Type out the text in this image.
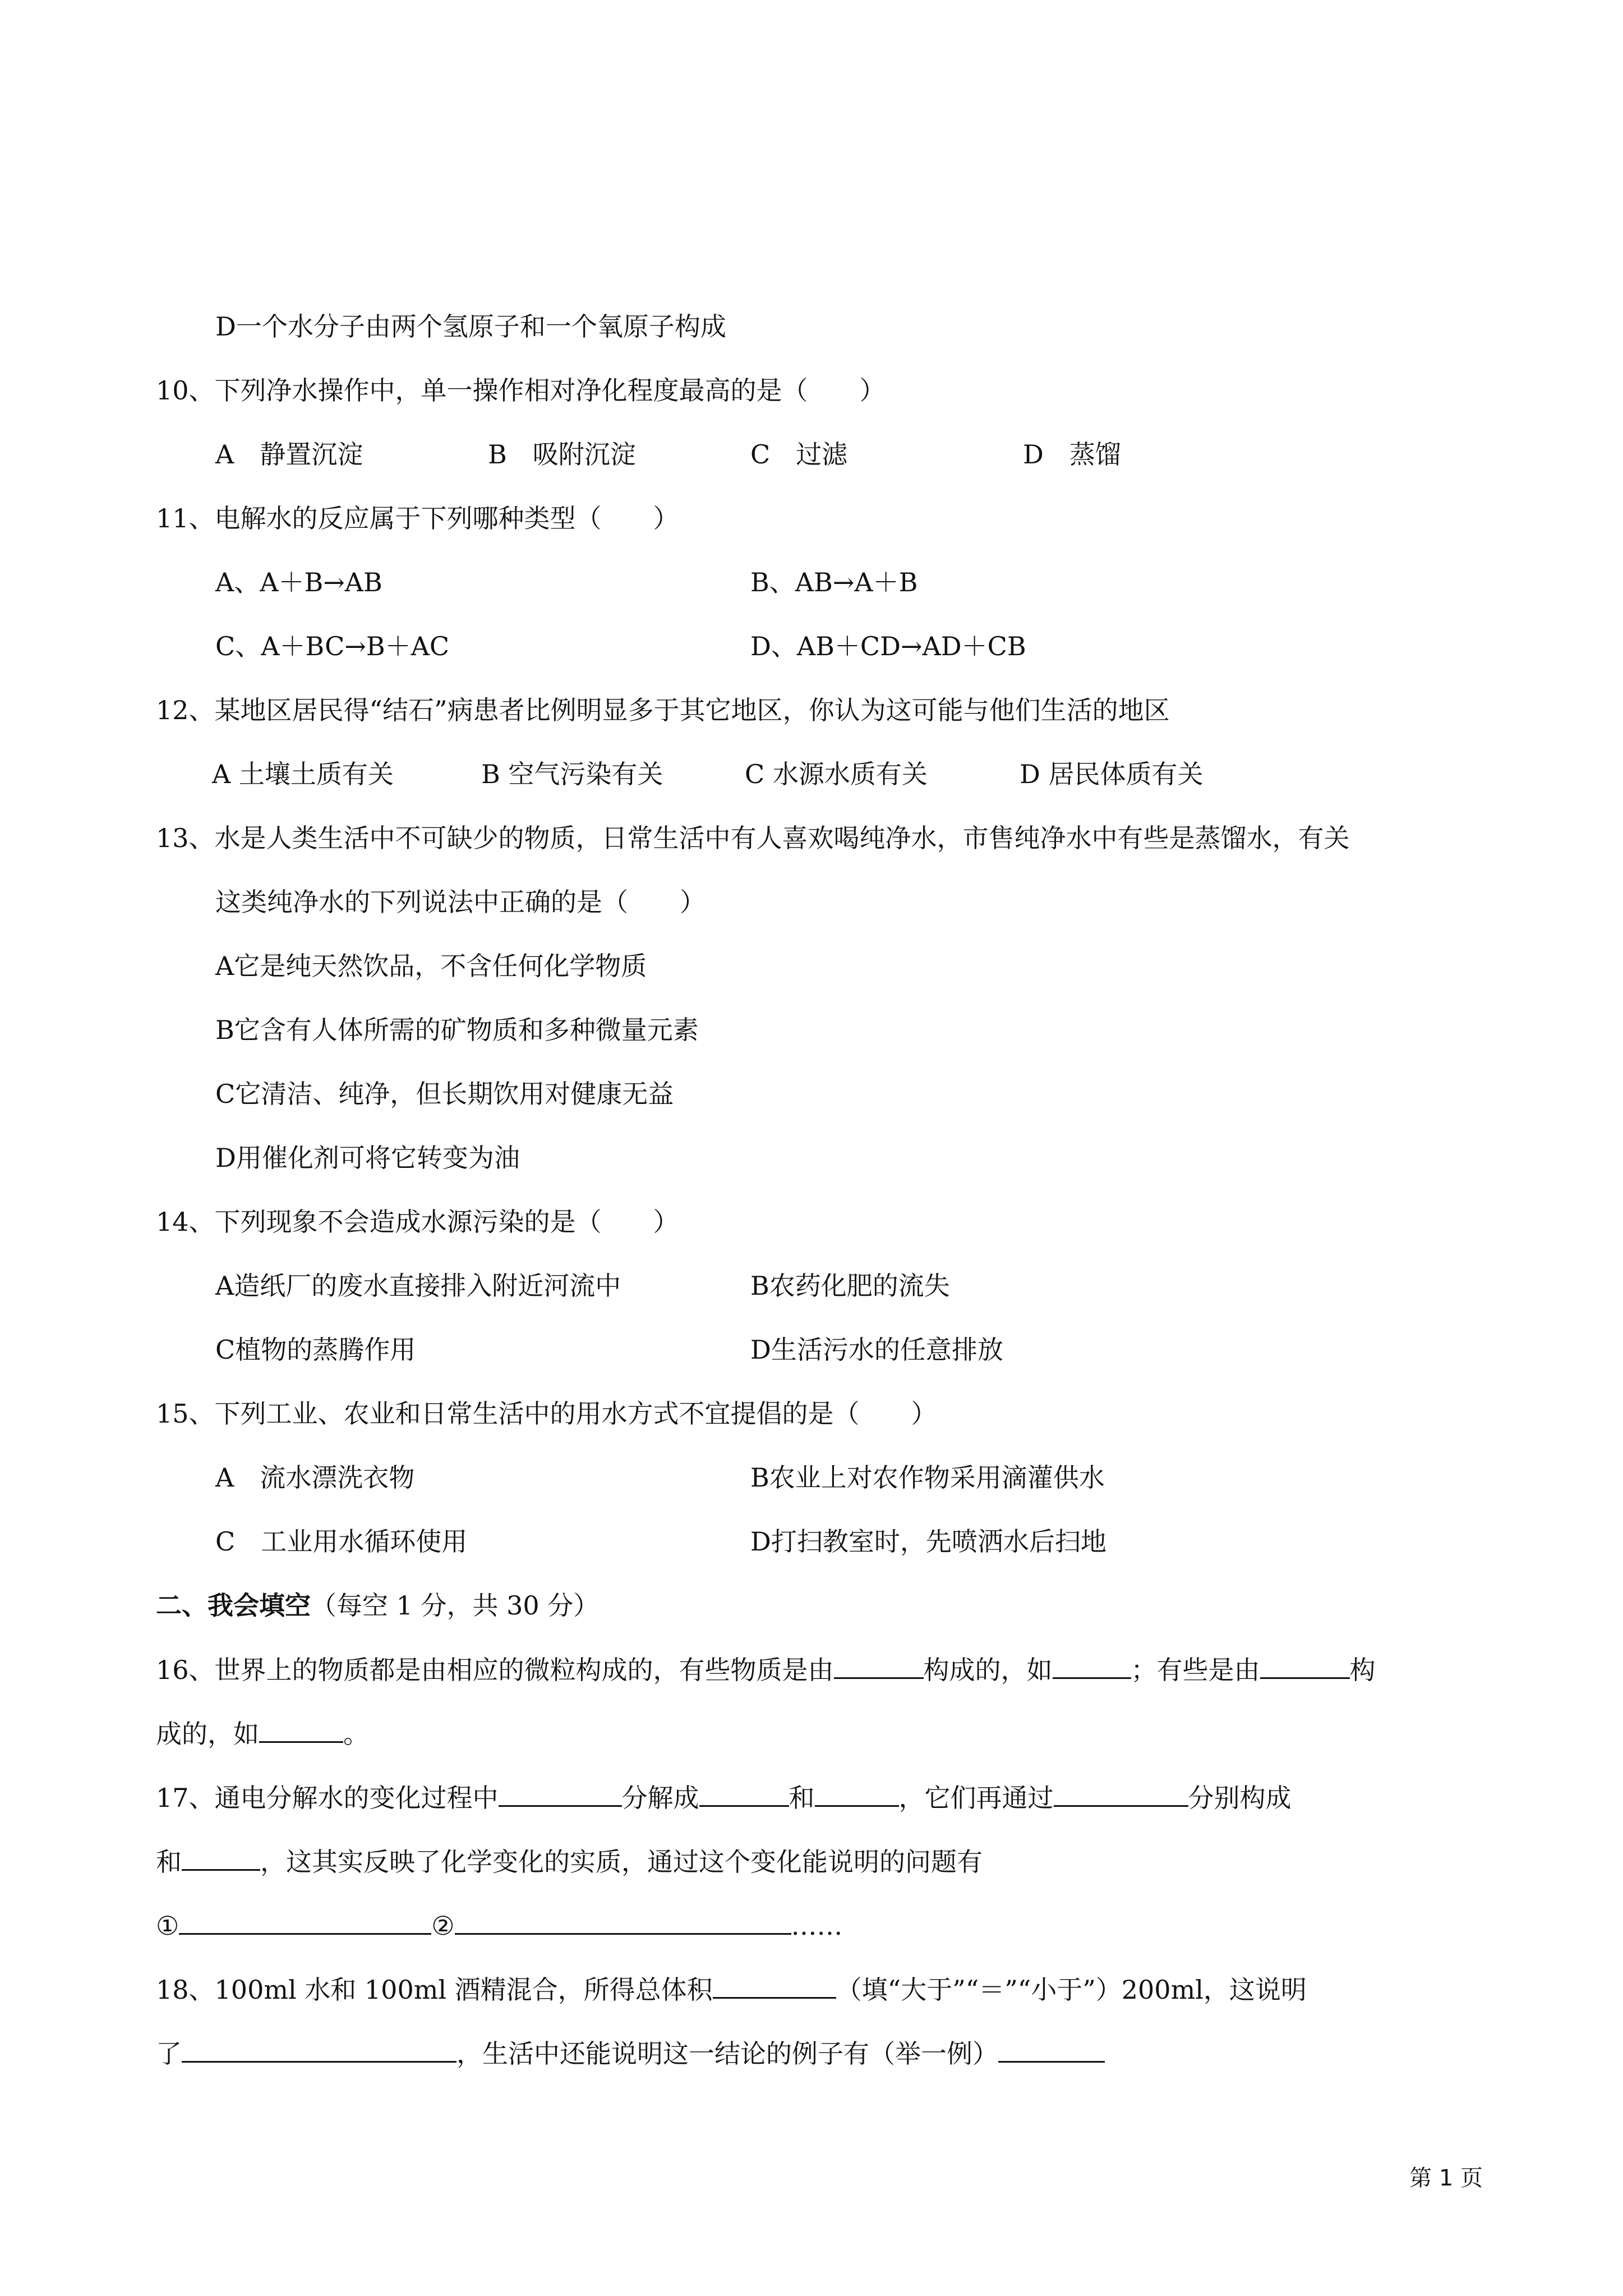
D一个水分子由两个氢原子和一个氧原子构成
10、下列净水操作中，单一操作相对净化程度最高的是（　　）
A　静置沉淀	B　吸附沉淀	C　过滤	D　蒸馏
11、电解水的反应属于下列哪种类型（　　）
A、A＋B→AB	B、AB→A＋B
C、A＋BC→B＋AC	D、AB＋CD→AD＋CB
12、某地区居民得“结石”病患者比例明显多于其它地区，你认为这可能与他们生活的地区
A 土壤土质有关	B 空气污染有关	C 水源水质有关	D 居民体质有关
13、水是人类生活中不可缺少的物质，日常生活中有人喜欢喝纯净水，市售纯净水中有些是蒸馏水，有关
这类纯净水的下列说法中正确的是（　　）
A它是纯天然饮品，不含任何化学物质
B它含有人体所需的矿物质和多种微量元素
C它清洁、纯净，但长期饮用对健康无益
D用催化剂可将它转变为油
14、下列现象不会造成水源污染的是（　　）
A造纸厂的废水直接排入附近河流中	B农药化肥的流失
C植物的蒸腾作用	D生活污水的任意排放
15、下列工业、农业和日常生活中的用水方式不宜提倡的是（　　）
A　流水漂洗衣物	B农业上对农作物采用滴灌供水
C　工业用水循环使用	D打扫教室时，先喷洒水后扫地
二、我会填空（每空 1 分，共 30 分）
16、世界上的物质都是由相应的微粒构成的，有些物质是由	构成的，如	；有些是由	构
成的，如	。
17、通电分解水的变化过程中	分解成	和	，它们再通过	分别构成
和	，这其实反映了化学变化的实质，通过这个变化能说明的问题有
①	②	……
18、100ml 水和 100ml 酒精混合，所得总体积	（填“大于”“＝”“小于”）200ml，这说明
了	，生活中还能说明这一结论的例子有（举一例）
第 1 页
